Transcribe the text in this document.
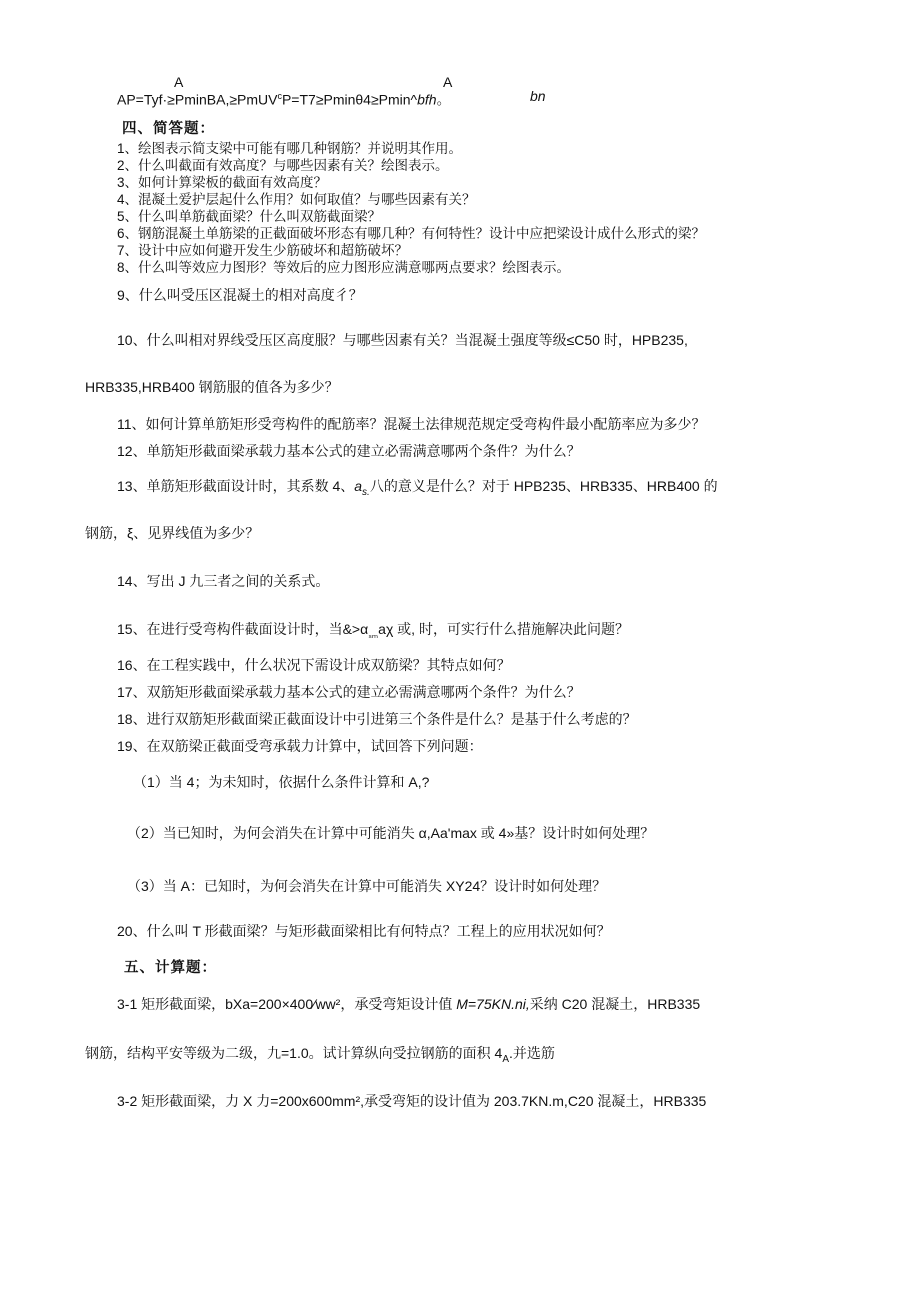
A	A
AP=Tyf·≥PminBA,≥PmUV$^c$P=T7≥Pminθ4≥Pmin^bfh。	bn
四、简答题：
1、绘图表示简支梁中可能有哪几种钢筋？并说明其作用。
2、什么叫截面有效高度？与哪些因素有关？绘图表示。
3、如何计算梁板的截面有效高度？
4、混凝土爱护层起什么作用？如何取值？与哪些因素有关？
5、什么叫单筋截面梁？什么叫双筋截面梁？
6、钢筋混凝土单筋梁的正截面破坏形态有哪几种？有何特性？设计中应把梁设计成什么形式的梁？
7、设计中应如何避开发生少筋破坏和超筋破坏？
8、什么叫等效应力图形？等效后的应力图形应满意哪两点要求？绘图表示。
9、什么叫受压区混凝土的相对高度彳？
10、什么叫相对界线受压区高度服？与哪些因素有关？当混凝土强度等级≤C50 时，HPB235,
HRB335,HRB400 钢筋服的值各为多少？
11、如何计算单筋矩形受弯构件的配筋率？混凝土法律规范规定受弯构件最小配筋率应为多少？
12、单筋矩形截面梁承载力基本公式的建立必需满意哪两个条件？为什么？
13、单筋矩形截面设计时，其系数 4、$a_{s.}$八的意义是什么？对于 HPB235、HRB335、HRB400 的
钢筋，ξ、见界线值为多少？
14、写出 J 九三者之间的关系式。
15、在进行受弯构件截面设计时，当$\&>\alpha_{_{sm}}a\chi$ 或, 时，可实行什么措施解决此问题？
16、在工程实践中，什么状况下需设计成双筋梁？其特点如何？
17、双筋矩形截面梁承载力基本公式的建立必需满意哪两个条件？为什么？
18、进行双筋矩形截面梁正截面设计中引进第三个条件是什么？是基于什么考虑的？
19、在双筋梁正截面受弯承载力计算中，试回答下列问题：
（1）当 4；为未知时，依据什么条件计算和 A,?
（2）当已知时，为何会消失在计算中可能消失 α,Aa'max 或 4»基？设计时如何处理？
（3）当 A：已知时，为何会消失在计算中可能消失 XY24？设计时如何处理？
20、什么叫 T 形截面梁？与矩形截面梁相比有何特点？工程上的应用状况如何？
五、计算题：
3-1 矩形截面梁，bXa=200×400∕ww²，承受弯矩设计值 M=75KN.ni,采纳 C20 混凝土，HRB335
钢筋，结构平安等级为二级，九=1.0。试计算纵向受拉钢筋的面积 $4_A$.并选筋
3-2 矩形截面梁，力 X 力=200x600mm²,承受弯矩的设计值为 203.7KN.m,C20 混凝土，HRB335
